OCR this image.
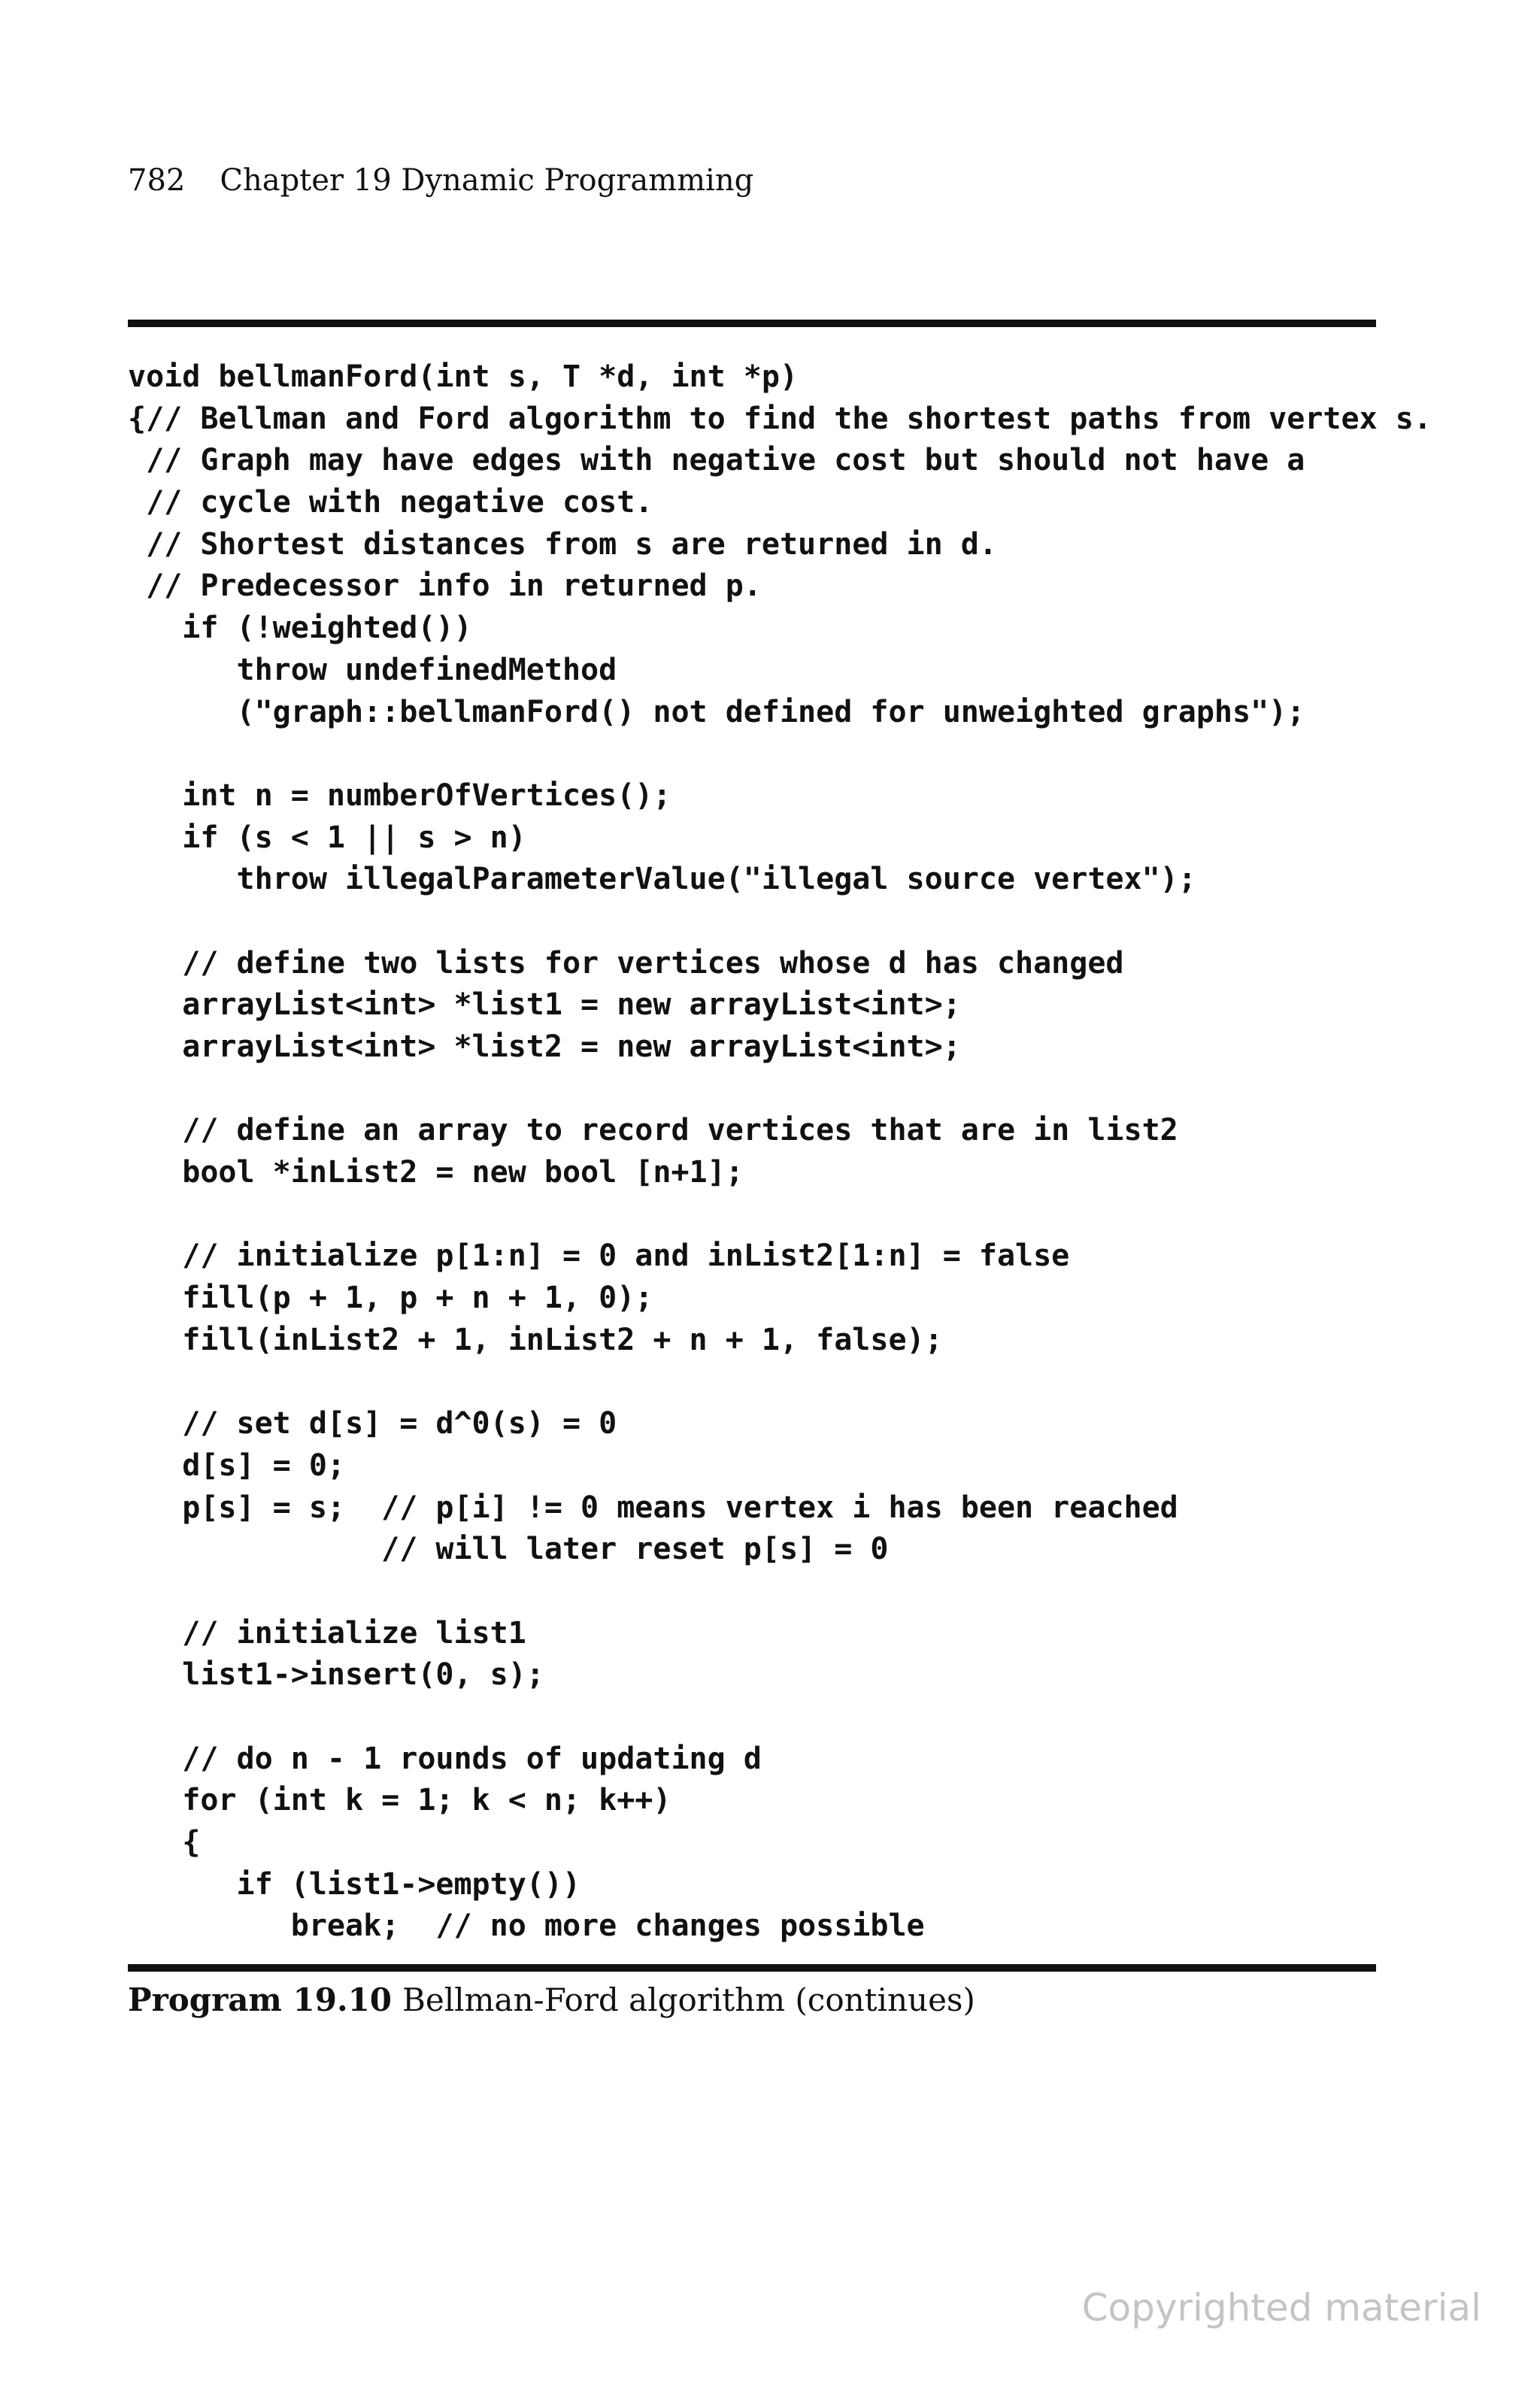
782 Chapter 19 Dynamic Programming
void bellmanFord(int s, T *d, int *p)
{// Bellman and Ford algorithm to find the shortest paths from vertex s.
// Graph may have edges with negative cost but should not have a
// cycle with negative cost.
// Shortest distances from s are returned in d.
// Predecessor info in returned p.
if (!weighted())
throw undefinedMethod
("graph::bellmanFord() not defined for unweighted graphs");
int n = numberOfVertices();
if (s < 1 || s > n)
throw illegalParameterValue("illegal source vertex");
// define two lists for vertices whose d has changed
arrayList<int> *list1 = new arrayList<int>;
arrayList<int> *list2 = new arrayList<int>;
// define an array to record vertices that are in list2
bool *inList2 = new bool [n+1];
// initialize p[1:n] = 0 and inList2[1:n] = false
fill(p + 1, p + n + 1, 0);
fill(inList2 + 1, inList2 + n + 1, false);
// set d[s] = d^0(s) = 0
d[s] = 0;
p[s] = s;  // p[i] != 0 means vertex i has been reached
// will later reset p[s] = 0
// initialize list1
list1->insert(0, s);
// do n - 1 rounds of updating d
for (int k = 1; k < n; k++)
{
if (list1->empty())
break;  // no more changes possible
Program 19.10 Bellman-Ford algorithm (continues)
Copyrighted material
